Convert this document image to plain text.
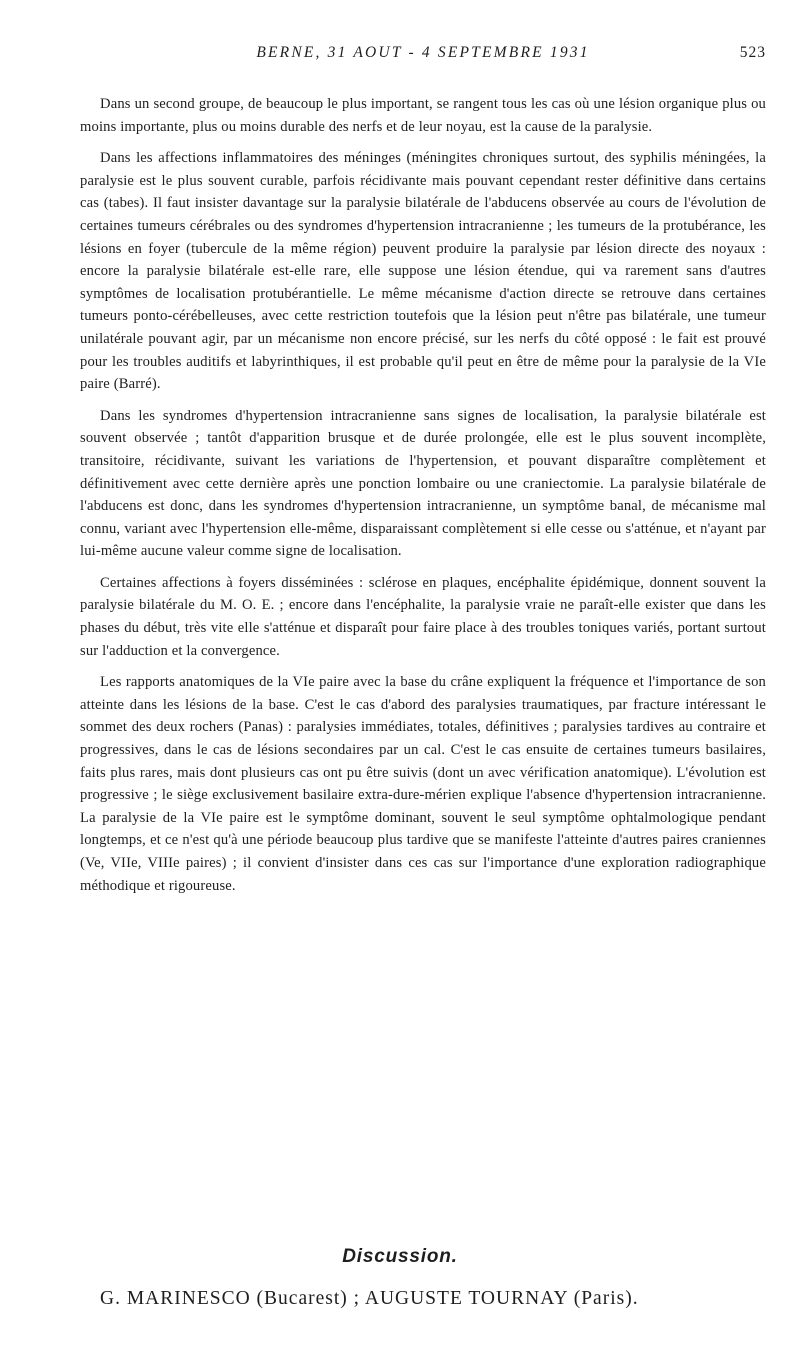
BERNE, 31 AOUT - 4 SEPTEMBRE 1931	523

Dans un second groupe, de beaucoup le plus important, se rangent tous les cas où une lésion organique plus ou moins importante, plus ou moins durable des nerfs et de leur noyau, est la cause de la paralysie.

Dans les affections inflammatoires des méninges (méningites chroniques surtout, des syphilis méningées, la paralysie est le plus souvent curable, parfois récidivante mais pouvant cependant rester définitive dans certains cas (tabes). Il faut insister davantage sur la paralysie bilatérale de l'abducens observée au cours de l'évolution de certaines tumeurs cérébrales ou des syndromes d'hypertension intracranienne ; les tumeurs de la protubérance, les lésions en foyer (tubercule de la même région) peuvent produire la paralysie par lésion directe des noyaux : encore la paralysie bilatérale est-elle rare, elle suppose une lésion étendue, qui va rarement sans d'autres symptômes de localisation protubérantielle. Le même mécanisme d'action directe se retrouve dans certaines tumeurs ponto-cérébelleuses, avec cette restriction toutefois que la lésion peut n'être pas bilatérale, une tumeur unilatérale pouvant agir, par un mécanisme non encore précisé, sur les nerfs du côté opposé : le fait est prouvé pour les troubles auditifs et labyrinthiques, il est probable qu'il peut en être de même pour la paralysie de la VIe paire (Barré).

Dans les syndromes d'hypertension intracranienne sans signes de localisation, la paralysie bilatérale est souvent observée ; tantôt d'apparition brusque et de durée prolongée, elle est le plus souvent incomplète, transitoire, récidivante, suivant les variations de l'hypertension, et pouvant disparaître complètement et définitivement avec cette dernière après une ponction lombaire ou une craniectomie. La paralysie bilatérale de l'abducens est donc, dans les syndromes d'hypertension intracranienne, un symptôme banal, de mécanisme mal connu, variant avec l'hypertension elle-même, disparaissant complètement si elle cesse ou s'atténue, et n'ayant par lui-même aucune valeur comme signe de localisation.

Certaines affections à foyers disséminées : sclérose en plaques, encéphalite épidémique, donnent souvent la paralysie bilatérale du M. O. E. ; encore dans l'encéphalite, la paralysie vraie ne paraît-elle exister que dans les phases du début, très vite elle s'atténue et disparaît pour faire place à des troubles toniques variés, portant surtout sur l'adduction et la convergence.

Les rapports anatomiques de la VIe paire avec la base du crâne expliquent la fréquence et l'importance de son atteinte dans les lésions de la base. C'est le cas d'abord des paralysies traumatiques, par fracture intéressant le sommet des deux rochers (Panas) : paralysies immédiates, totales, définitives ; paralysies tardives au contraire et progressives, dans le cas de lésions secondaires par un cal. C'est le cas ensuite de certaines tumeurs basilaires, faits plus rares, mais dont plusieurs cas ont pu être suivis (dont un avec vérification anatomique). L'évolution est progressive ; le siège exclusivement basilaire extra-dure-mérien explique l'absence d'hypertension intracranienne. La paralysie de la VIe paire est le symptôme dominant, souvent le seul symptôme ophtalmologique pendant longtemps, et ce n'est qu'à une période beaucoup plus tardive que se manifeste l'atteinte d'autres paires craniennes (Ve, VIIe, VIIIe paires) ; il convient d'insister dans ces cas sur l'importance d'une exploration radiographique méthodique et rigoureuse.

Discussion.
G. MARINESCO (Bucarest) ; AUGUSTE TOURNAY (Paris).
